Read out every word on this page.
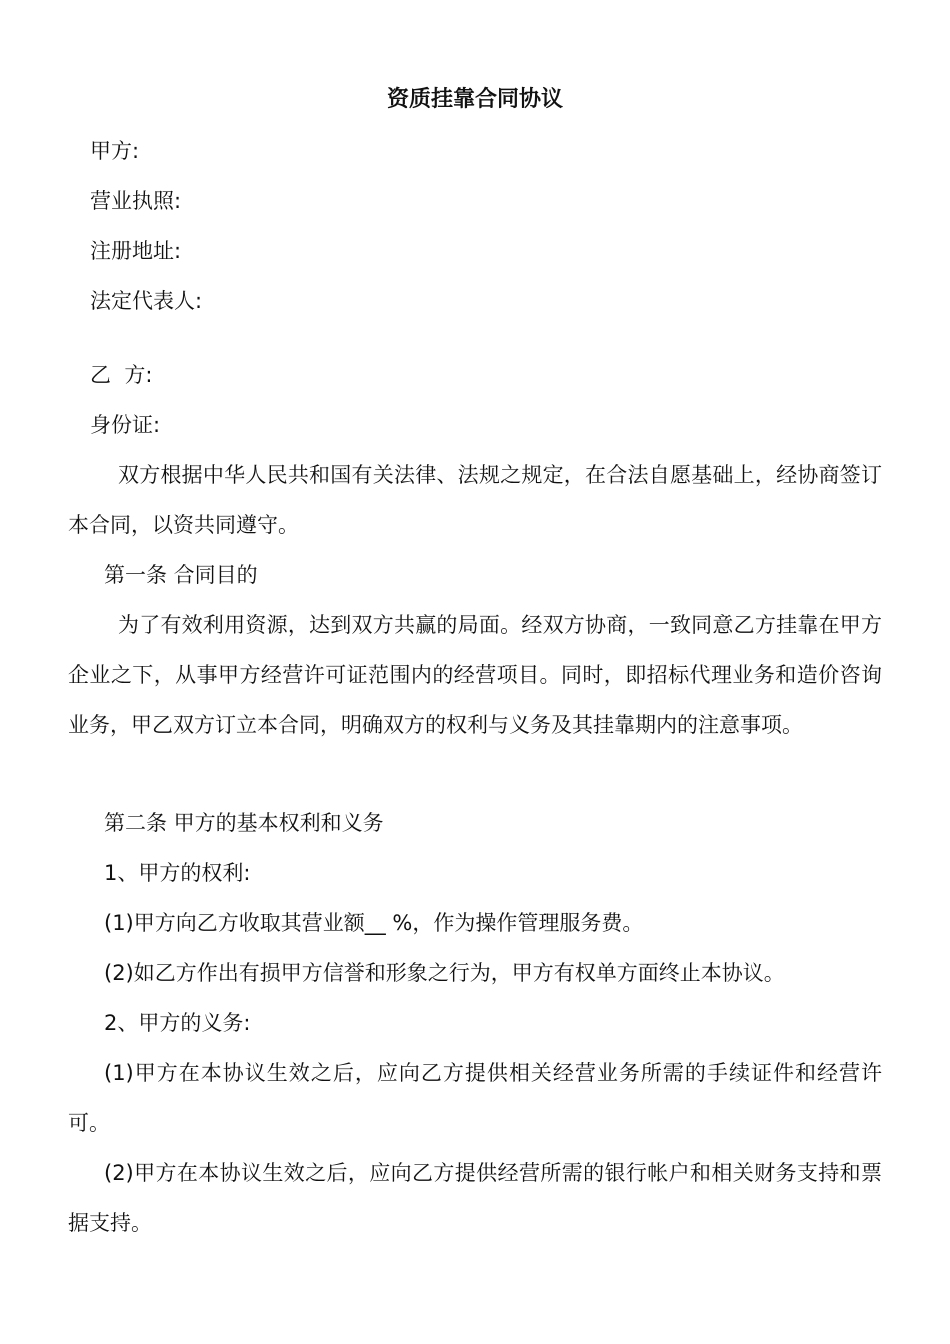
资质挂靠合同协议
甲方:
营业执照:
注册地址:
法定代表人:
乙  方:
身份证:
双方根据中华人民共和国有关法律、法规之规定，在合法自愿基础上，经协商签订本合同，以资共同遵守。
第一条 合同目的
为了有效利用资源，达到双方共赢的局面。经双方协商，一致同意乙方挂靠在甲方企业之下，从事甲方经营许可证范围内的经营项目。同时，即招标代理业务和造价咨询业务，甲乙双方订立本合同，明确双方的权利与义务及其挂靠期内的注意事项。
第二条 甲方的基本权利和义务
1、甲方的权利:
(1)甲方向乙方收取其营业额__ %，作为操作管理服务费。
(2)如乙方作出有损甲方信誉和形象之行为，甲方有权单方面终止本协议。
2、甲方的义务:
(1)甲方在本协议生效之后，应向乙方提供相关经营业务所需的手续证件和经营许可。
(2)甲方在本协议生效之后，应向乙方提供经营所需的银行帐户和相关财务支持和票据支持。
